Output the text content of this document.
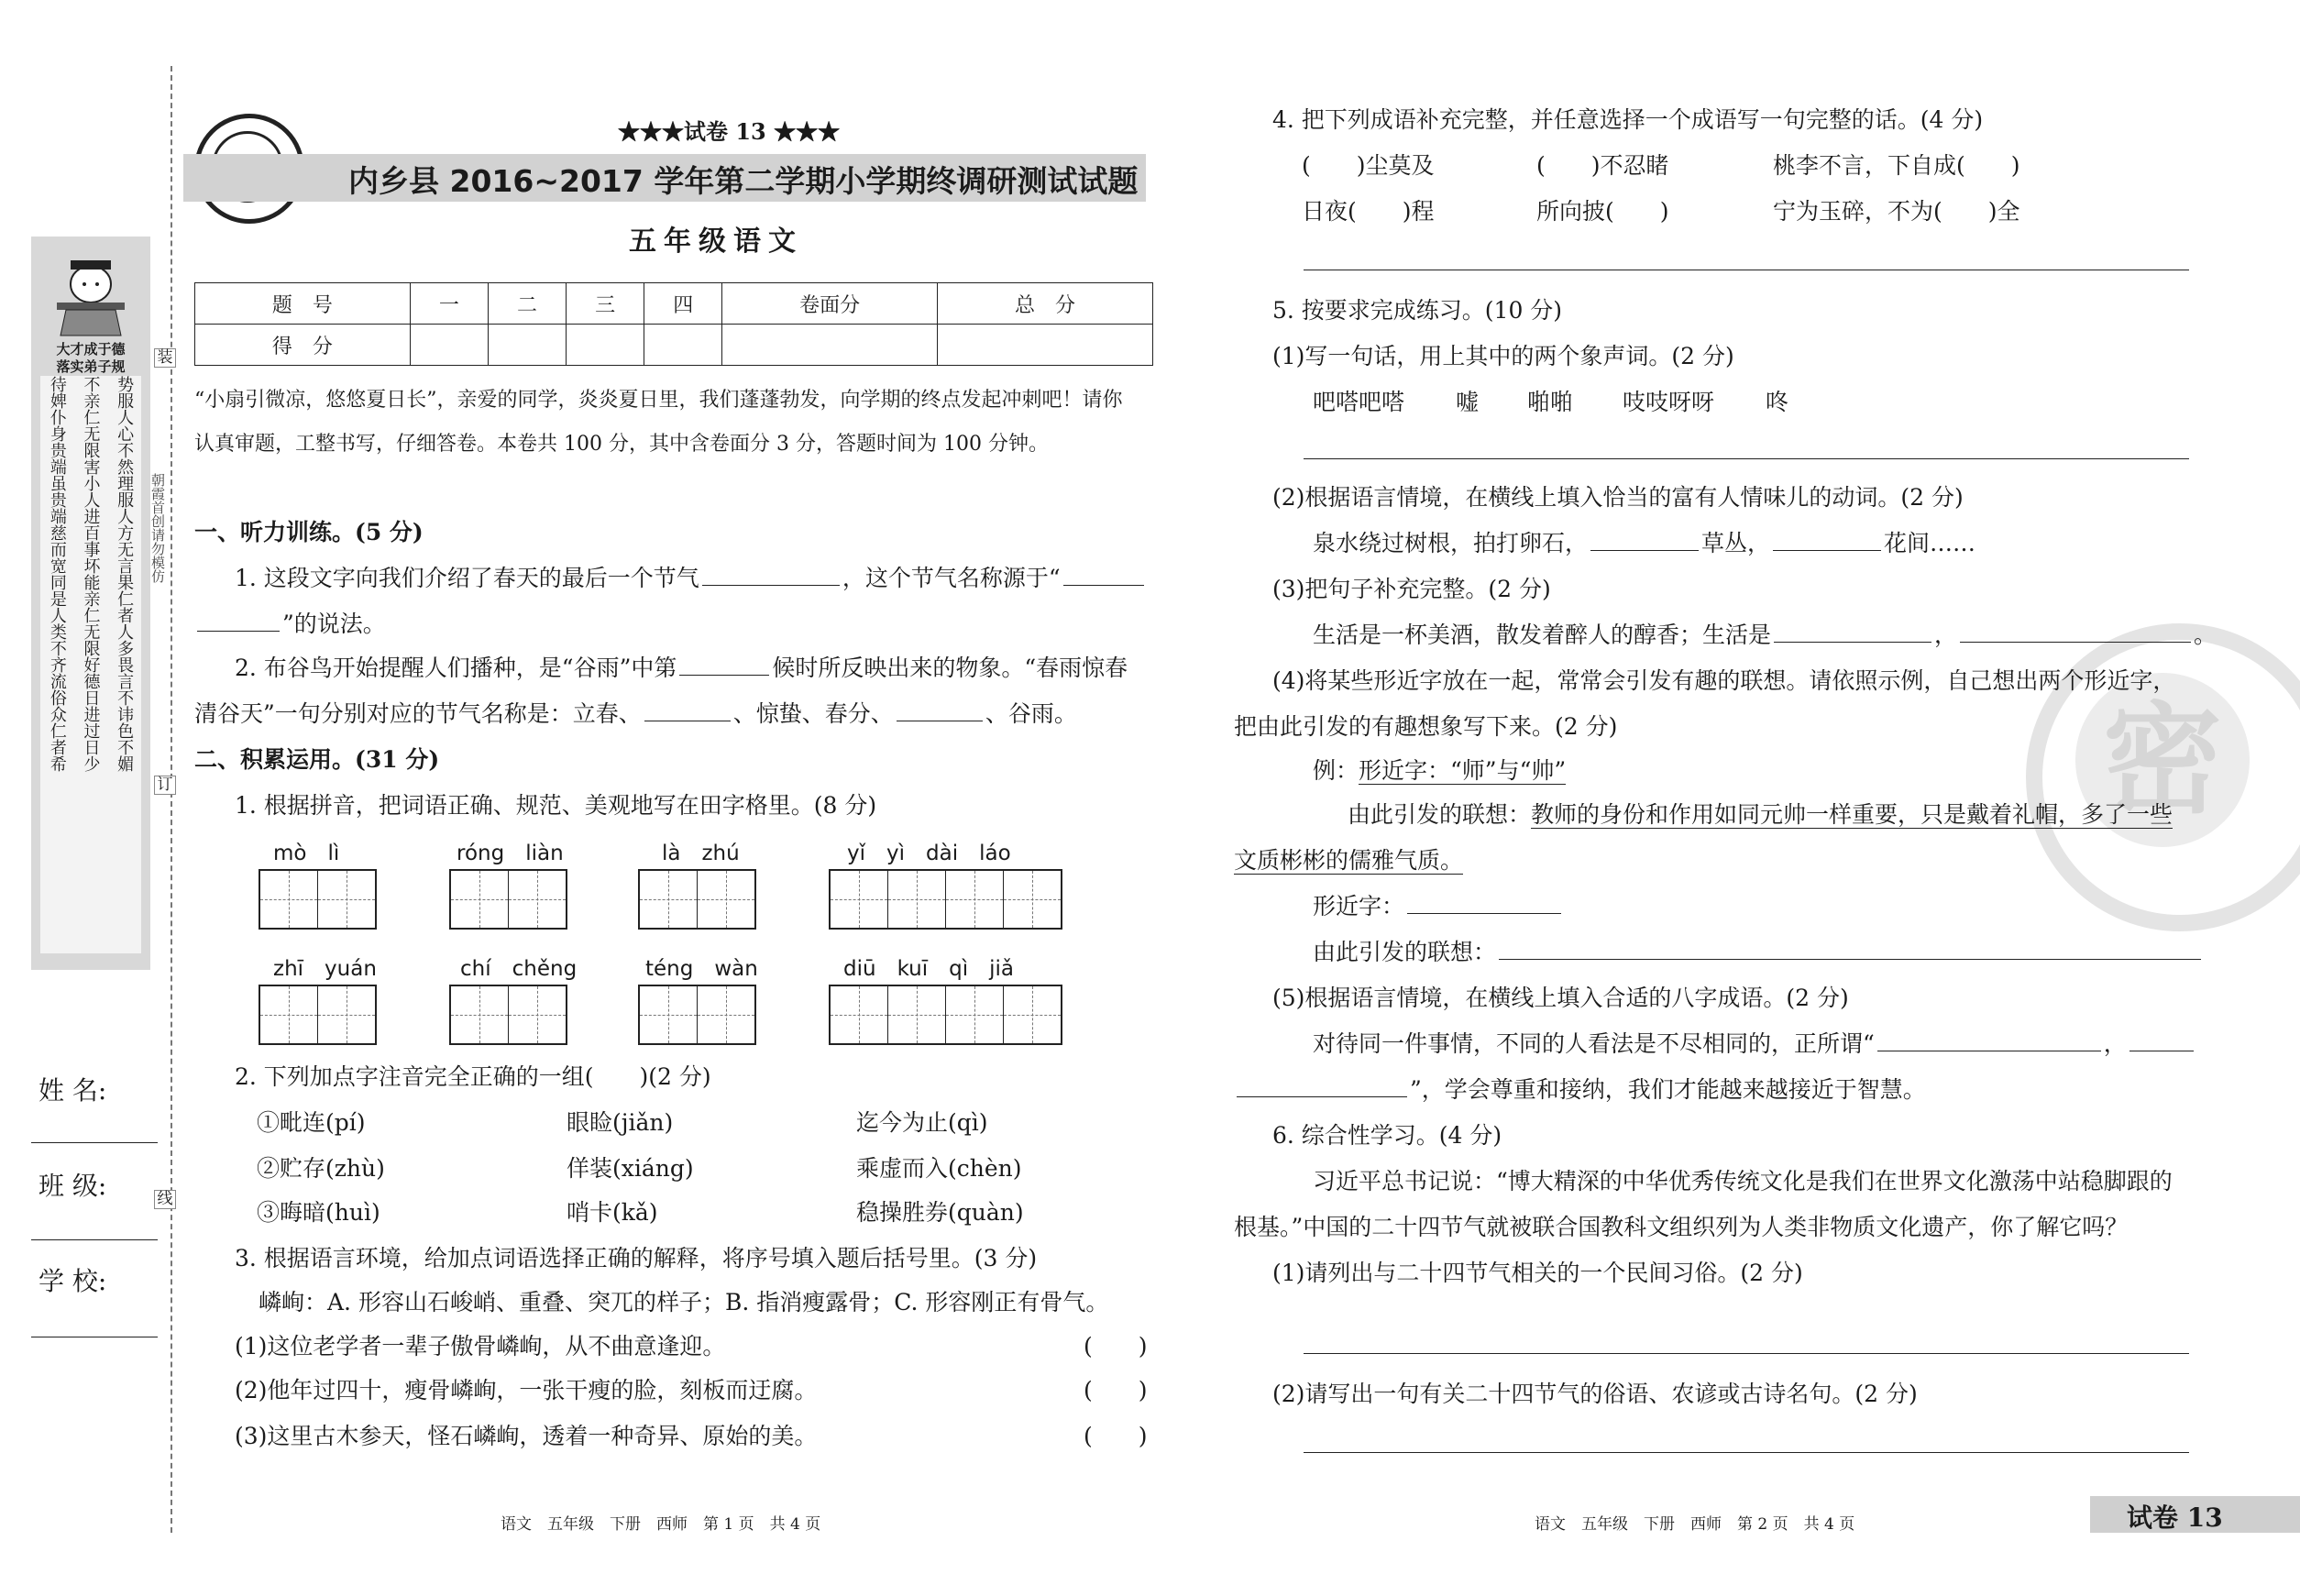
大才成于德
落实弟子规
待婢仆身贵端虽贵端慈而宽同是人类不齐流俗众仁者希 不亲仁无限害小人进百事坏能亲仁无限好德日进过日少 势服人心不然理服人方无言果仁者人多畏言不讳色不媚
装
订
线
朝霞首创请勿模仿
姓 名:
班 级:
学 校:
★★★试卷 13 ★★★
内乡县 2016~2017 学年第二学期小学期终调研测试试题
五年级语文
题　号	一	二	三	四	卷面分	总　分
得　分						
“小扇引微凉，悠悠夏日长”，亲爱的同学，炎炎夏日里，我们蓬蓬勃发，向学期的终点发起冲刺吧！请你
认真审题，工整书写，仔细答卷。本卷共 100 分，其中含卷面分 3 分，答题时间为 100 分钟。
一、听力训练。(5 分)
1. 这段文字向我们介绍了春天的最后一个节气	，这个节气名称源于“
”的说法。
2. 布谷鸟开始提醒人们播种，是“谷雨”中第	候时所反映出来的物象。“春雨惊春
清谷天”一句分别对应的节气名称是：立春、	、惊蛰、春分、	、谷雨。
二、积累运用。(31 分)
1. 根据拼音，把词语正确、规范、美观地写在田字格里。(8 分)
mò　lì	róng　liàn	là　zhú	yǐ　yì　dài　láo
zhī　yuán	chí　chěng	téng　wàn	diū　kuī　qì　jiǎ
2. 下列加点字注音完全正确的一组(　　)(2 分)
①毗连(pí)	眼睑(jiǎn)	迄今为止(qì)
②贮存(zhù)	佯装(xiáng)	乘虚而入(chèn)
③晦暗(huì)	哨卡(kǎ)	稳操胜券(quàn)
3. 根据语言环境，给加点词语选择正确的解释，将序号填入题后括号里。(3 分)
嶙峋：A. 形容山石峻峭、重叠、突兀的样子；B. 指消瘦露骨；C. 形容刚正有骨气。
(1)这位老学者一辈子傲骨嶙峋，从不曲意逢迎。	(　　)
(2)他年过四十，瘦骨嶙峋，一张干瘦的脸，刻板而迂腐。	(　　)
(3)这里古木参天，怪石嶙峋，透着一种奇异、原始的美。	(　　)
语文　五年级　下册　西师　第 1 页　共 4 页
密
4. 把下列成语补充完整，并任意选择一个成语写一句完整的话。(4 分)
(　　)尘莫及	(　　)不忍睹	桃李不言，下自成(　　)
日夜(　　)程	所向披(　　)	宁为玉碎，不为(　　)全
5. 按要求完成练习。(10 分)
(1)写一句话，用上其中的两个象声词。(2 分)
吧嗒吧嗒 嘘 啪啪 吱吱呀呀 咚
(2)根据语言情境，在横线上填入恰当的富有人情味儿的动词。(2 分)
泉水绕过树根，拍打卵石，	草丛，	花间……
(3)把句子补充完整。(2 分)
生活是一杯美酒，散发着醉人的醇香；生活是	，	。
(4)将某些形近字放在一起，常常会引发有趣的联想。请依照示例，自己想出两个形近字，
把由此引发的有趣想象写下来。(2 分)
例：形近字：“师”与“帅”
由此引发的联想：教师的身份和作用如同元帅一样重要，只是戴着礼帽，多了一些
文质彬彬的儒雅气质。
形近字：
由此引发的联想：
(5)根据语言情境，在横线上填入合适的八字成语。(2 分)
对待同一件事情，不同的人看法是不尽相同的，正所谓“	，
”，学会尊重和接纳，我们才能越来越接近于智慧。
6. 综合性学习。(4 分)
习近平总书记说：“博大精深的中华优秀传统文化是我们在世界文化激荡中站稳脚跟的
根基。”中国的二十四节气就被联合国教科文组织列为人类非物质文化遗产，你了解它吗？
(1)请列出与二十四节气相关的一个民间习俗。(2 分)
(2)请写出一句有关二十四节气的俗语、农谚或古诗名句。(2 分)
语文　五年级　下册　西师　第 2 页　共 4 页	试卷 13
